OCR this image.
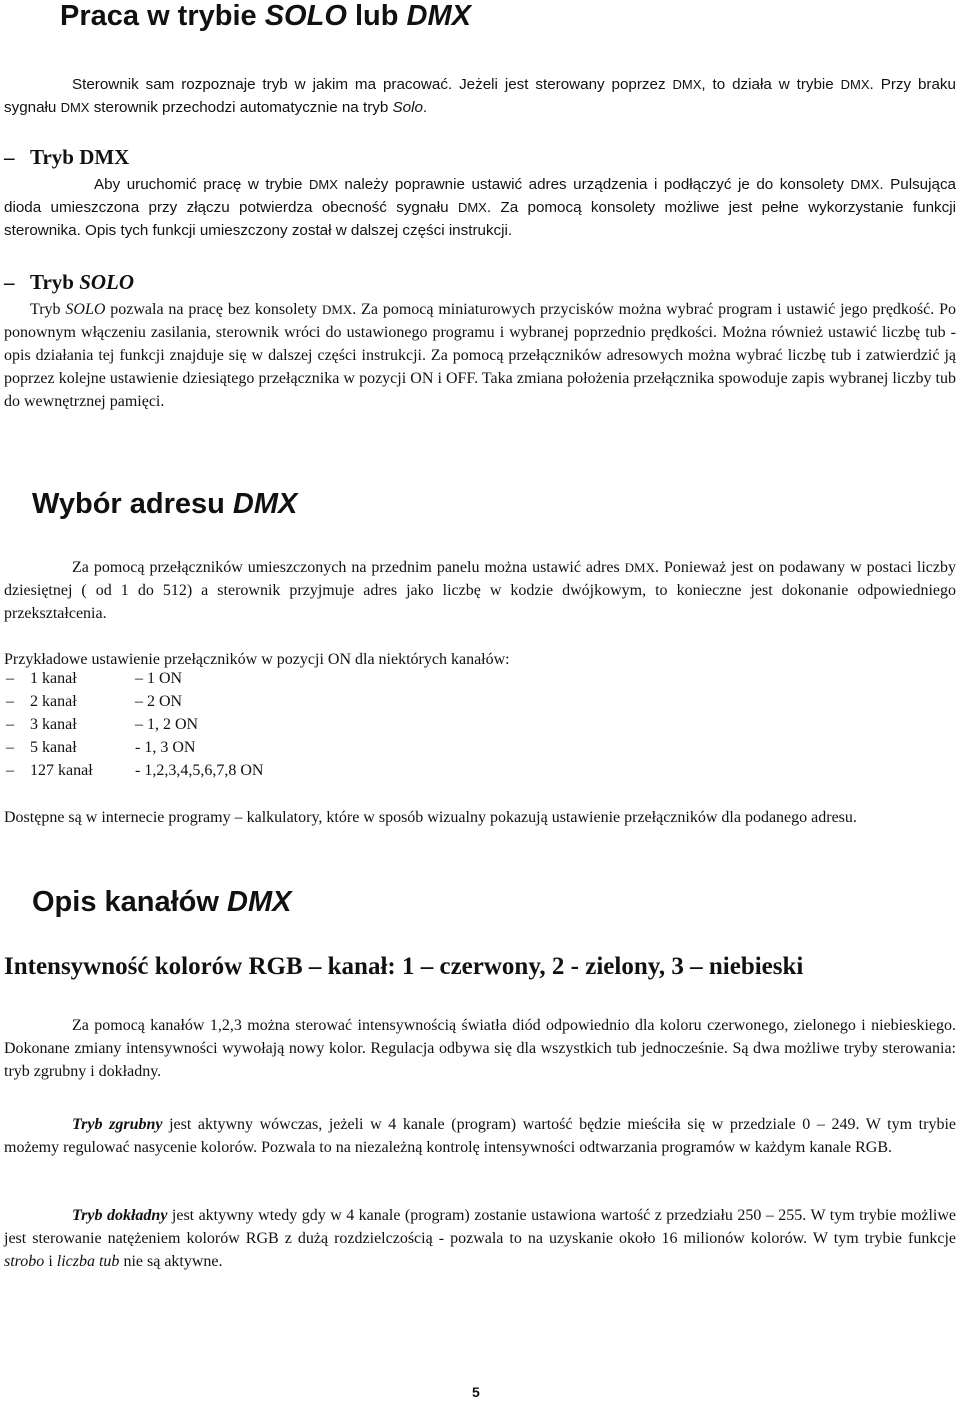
Praca w trybie SOLO lub DMX

Sterownik sam rozpoznaje tryb w jakim ma pracować. Jeżeli jest sterowany poprzez DMX, to działa w trybie DMX. Przy braku sygnału DMX sterownik przechodzi automatycznie na tryb Solo.

– Tryb DMX

Aby uruchomić pracę w trybie DMX należy poprawnie ustawić adres urządzenia i podłączyć je do konsolety DMX. Pulsująca dioda umieszczona przy złączu potwierdza obecność sygnału DMX. Za pomocą konsolety możliwe jest pełne wykorzystanie funkcji sterownika. Opis tych funkcji umieszczony został w dalszej części instrukcji.

– Tryb SOLO

Tryb SOLO pozwala na pracę bez konsolety DMX. Za pomocą miniaturowych przycisków można wybrać program i ustawić jego prędkość. Po ponownym włączeniu zasilania, sterownik wróci do ustawionego programu i wybranej poprzednio prędkości. Można również ustawić liczbę tub - opis działania tej funkcji znajduje się w dalszej części instrukcji. Za pomocą przełączników adresowych można wybrać liczbę tub i zatwierdzić ją poprzez kolejne ustawienie dziesiątego przełącznika w pozycji ON i OFF. Taka zmiana położenia przełącznika spowoduje zapis wybranej liczby tub do wewnętrznej pamięci.

Wybór adresu DMX

Za pomocą przełączników umieszczonych na przednim panelu można ustawić adres DMX. Ponieważ jest on podawany w postaci liczby dziesiętnej ( od 1 do 512) a sterownik przyjmuje adres jako liczbę w kodzie dwójkowym, to konieczne jest dokonanie odpowiedniego przekształcenia.

Przykładowe ustawienie przełączników w pozycji ON dla niektórych kanałów:

– 1 kanał	– 1 ON
– 2 kanał	– 2 ON
– 3 kanał	– 1, 2 ON
– 5 kanał	- 1, 3 ON
– 127 kanał	- 1,2,3,4,5,6,7,8 ON

Dostępne są w internecie programy – kalkulatory, które w sposób wizualny pokazują ustawienie przełączników dla podanego adresu.

Opis kanałów DMX
Intensywność kolorów RGB – kanał: 1 – czerwony, 2 - zielony, 3 – niebieski

Za pomocą kanałów 1,2,3 można sterować intensywnością światła diód odpowiednio dla koloru czerwonego, zielonego i niebieskiego. Dokonane zmiany intensywności wywołają nowy kolor. Regulacja odbywa się dla wszystkich tub jednocześnie. Są dwa możliwe tryby sterowania: tryb zgrubny i dokładny.

Tryb zgrubny jest aktywny wówczas, jeżeli w 4 kanale (program) wartość będzie mieściła się w przedziale 0 – 249. W tym trybie możemy regulować nasycenie kolorów. Pozwala to na niezależną kontrolę intensywności odtwarzania programów w każdym kanale RGB.

Tryb dokładny jest aktywny wtedy gdy w 4 kanale (program) zostanie ustawiona wartość z przedziału 250 – 255. W tym trybie możliwe jest sterowanie natężeniem kolorów RGB z dużą rozdzielczością - pozwala to na uzyskanie około 16 milionów kolorów. W tym trybie funkcje strobo i liczba tub nie są aktywne.

5
